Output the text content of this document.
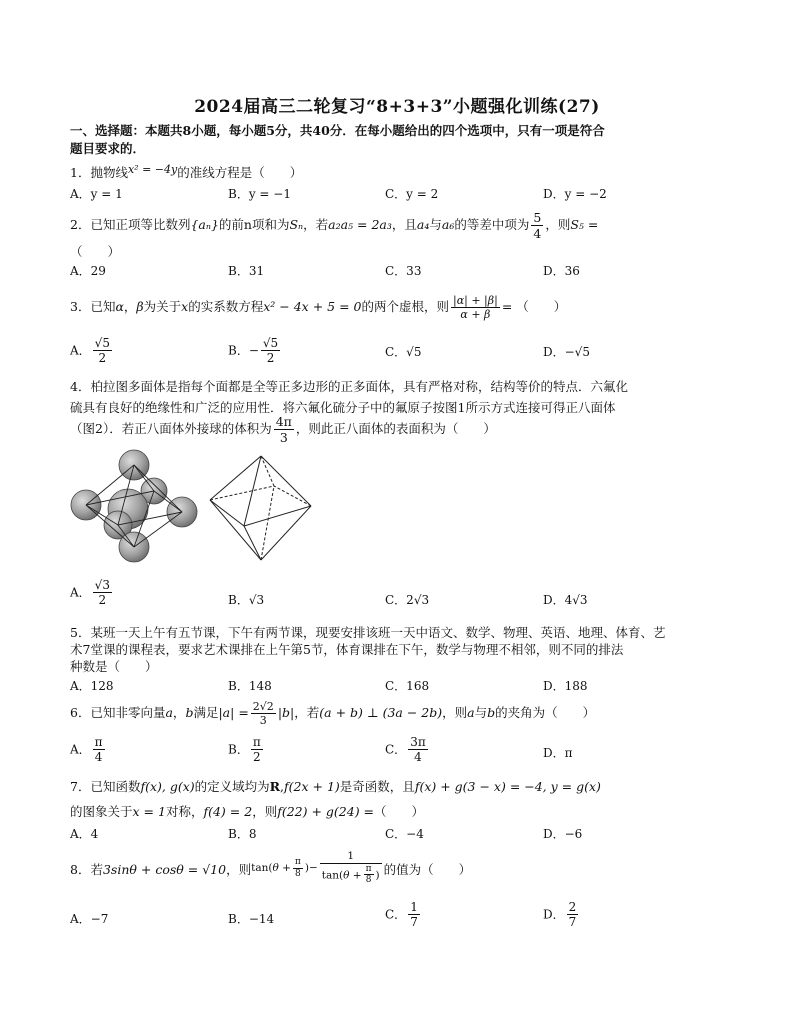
2024届高三二轮复习“8+3+3”小题强化训练(27)
一、选择题：本题共8小题，每小题5分，共40分．在每小题给出的四个选项中，只有一项是符合
题目要求的．
1．抛物线x² = −4y的准线方程是（　　）
A．y = 1	B．y = −1	C．y = 2	D．y = −2
2．已知正项等比数列{aₙ}的前n项和为Sₙ，若a₂a₅ = 2a₃，且a₄与a₆的等差中项为 $\frac{5}{4}$ ，则S₅ =
（　　）
A．29	B．31	C．33	D．36
3．已知α，β为关于x的实系数方程x² − 4x + 5 = 0的两个虚根，则 $\frac{|\alpha| + |\beta|}{\alpha + \beta}$ = （　　）
A． $\frac{√5}{2}$	B．− $\frac{√5}{2}$	C．√5	D．−√5
4．柏拉图多面体是指每个面都是全等正多边形的正多面体，具有严格对称，结构等价的特点．六氟化
硫具有良好的绝缘性和广泛的应用性．将六氟化硫分子中的氟原子按图1所示方式连接可得正八面体
（图2）．若正八面体外接球的体积为 $\frac{4\pi}{3}$ ，则此正八面体的表面积为（　　）
A． $\frac{√3}{2}$	B．√3	C．2√3	D．4√3
5．某班一天上午有五节课，下午有两节课，现要安排该班一天中语文、数学、物理、英语、地理、体育、艺
术7堂课的课程表，要求艺术课排在上午第5节，体育课排在下午，数学与物理不相邻，则不同的排法
种数是（　　）
A．128	B．148	C．168	D．188
6．已知非零向量a，b满足$|a| = \frac{2√2}{3} |b|$，若(a + b) ⊥ (3a − 2b)，则a与b的夹角为（　　）
A． $\frac{\pi}{4}$	B． $\frac{\pi}{2}$	C． $\frac{3\pi}{4}$	D．π
7．已知函数f(x), g(x)的定义域均为R,f(2x + 1)是奇函数，且f(x) + g(3 − x) = −4, y = g(x)
的图象关于x = 1对称，f(4) = 2，则f(22) + g(24) =（　　）
A．4	B．8	C．−4	D．−6
8．若3sinθ + cosθ = √10，则$\tan(\theta + \frac{\pi}{8}$ )− $\frac{1}{\tan(\theta + \frac{\pi}{8} )}$ 的值为（　　）
A．−7	B．−14	C． $\frac{1}{7}$	D． $\frac{2}{7}$
